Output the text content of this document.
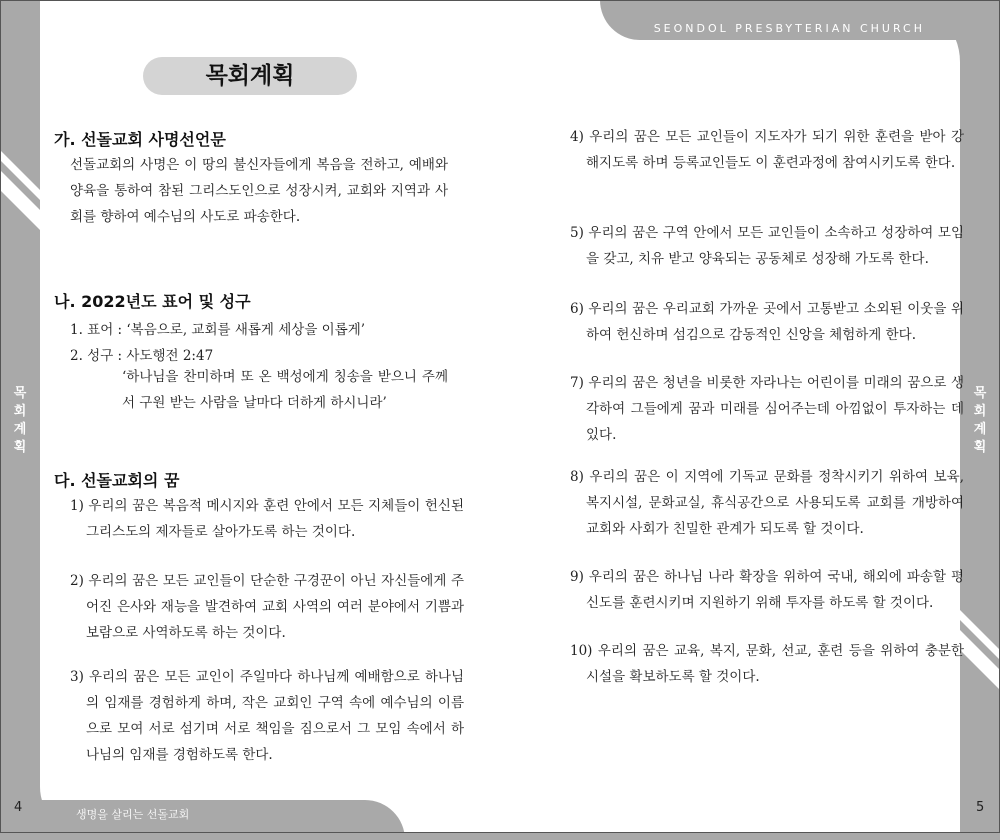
SEONDOL PRESBYTERIAN CHURCH
목
회
계
획
목
회
계
획
목회계획
가. 선돌교회 사명선언문
선돌교회의 사명은 이 땅의 불신자들에게 복음을 전하고, 예배와 양육을 통하여 참된 그리스도인으로 성장시켜, 교회와 지역과 사회를 향하여 예수님의 사도로 파송한다.
나. 2022년도 표어 및 성구
1. 표어 : ‘복음으로, 교회를 새롭게 세상을 이롭게’
2. 성구 : 사도행전 2:47
‘하나님을 찬미하며 또 온 백성에게 칭송을 받으니 주께서 구원 받는 사람을 날마다 더하게 하시니라’
다. 선돌교회의 꿈
1) 우리의 꿈은 복음적 메시지와 훈련 안에서 모든 지체들이 헌신된 그리스도의 제자들로 살아가도록 하는 것이다.
2) 우리의 꿈은 모든 교인들이 단순한 구경꾼이 아닌 자신들에게 주어진 은사와 재능을 발견하여 교회 사역의 여러 분야에서 기쁨과 보람으로 사역하도록 하는 것이다.
3) 우리의 꿈은 모든 교인이 주일마다 하나님께 예배함으로 하나님의 임재를 경험하게 하며, 작은 교회인 구역 속에 예수님의 이름으로 모여 서로 섬기며 서로 책임을 짐으로서 그 모임 속에서 하나님의 임재를 경험하도록 한다.
4) 우리의 꿈은 모든 교인들이 지도자가 되기 위한 훈련을 받아 강해지도록 하며 등록교인들도 이 훈련과정에 참여시키도록 한다.
5) 우리의 꿈은 구역 안에서 모든 교인들이 소속하고 성장하여 모임을 갖고, 치유 받고 양육되는 공동체로 성장해 가도록 한다.
6) 우리의 꿈은 우리교회 가까운 곳에서 고통받고 소외된 이웃을 위하여 헌신하며 섬김으로 감동적인 신앙을 체험하게 한다.
7) 우리의 꿈은 청년을 비롯한 자라나는 어린이를 미래의 꿈으로 생각하여 그들에게 꿈과 미래를 심어주는데 아낌없이 투자하는 데 있다.
8) 우리의 꿈은 이 지역에 기독교 문화를 정착시키기 위하여 보육, 복지시설, 문화교실, 휴식공간으로 사용되도록 교회를 개방하여 교회와 사회가 친밀한 관계가 되도록 할 것이다.
9) 우리의 꿈은 하나님 나라 확장을 위하여 국내, 해외에 파송할 평신도를 훈련시키며 지원하기 위해 투자를 하도록 할 것이다.
10) 우리의 꿈은 교육, 복지, 문화, 선교, 훈련 등을 위하여 충분한 시설을 확보하도록 할 것이다.
생명을 살리는 선돌교회
4	5
